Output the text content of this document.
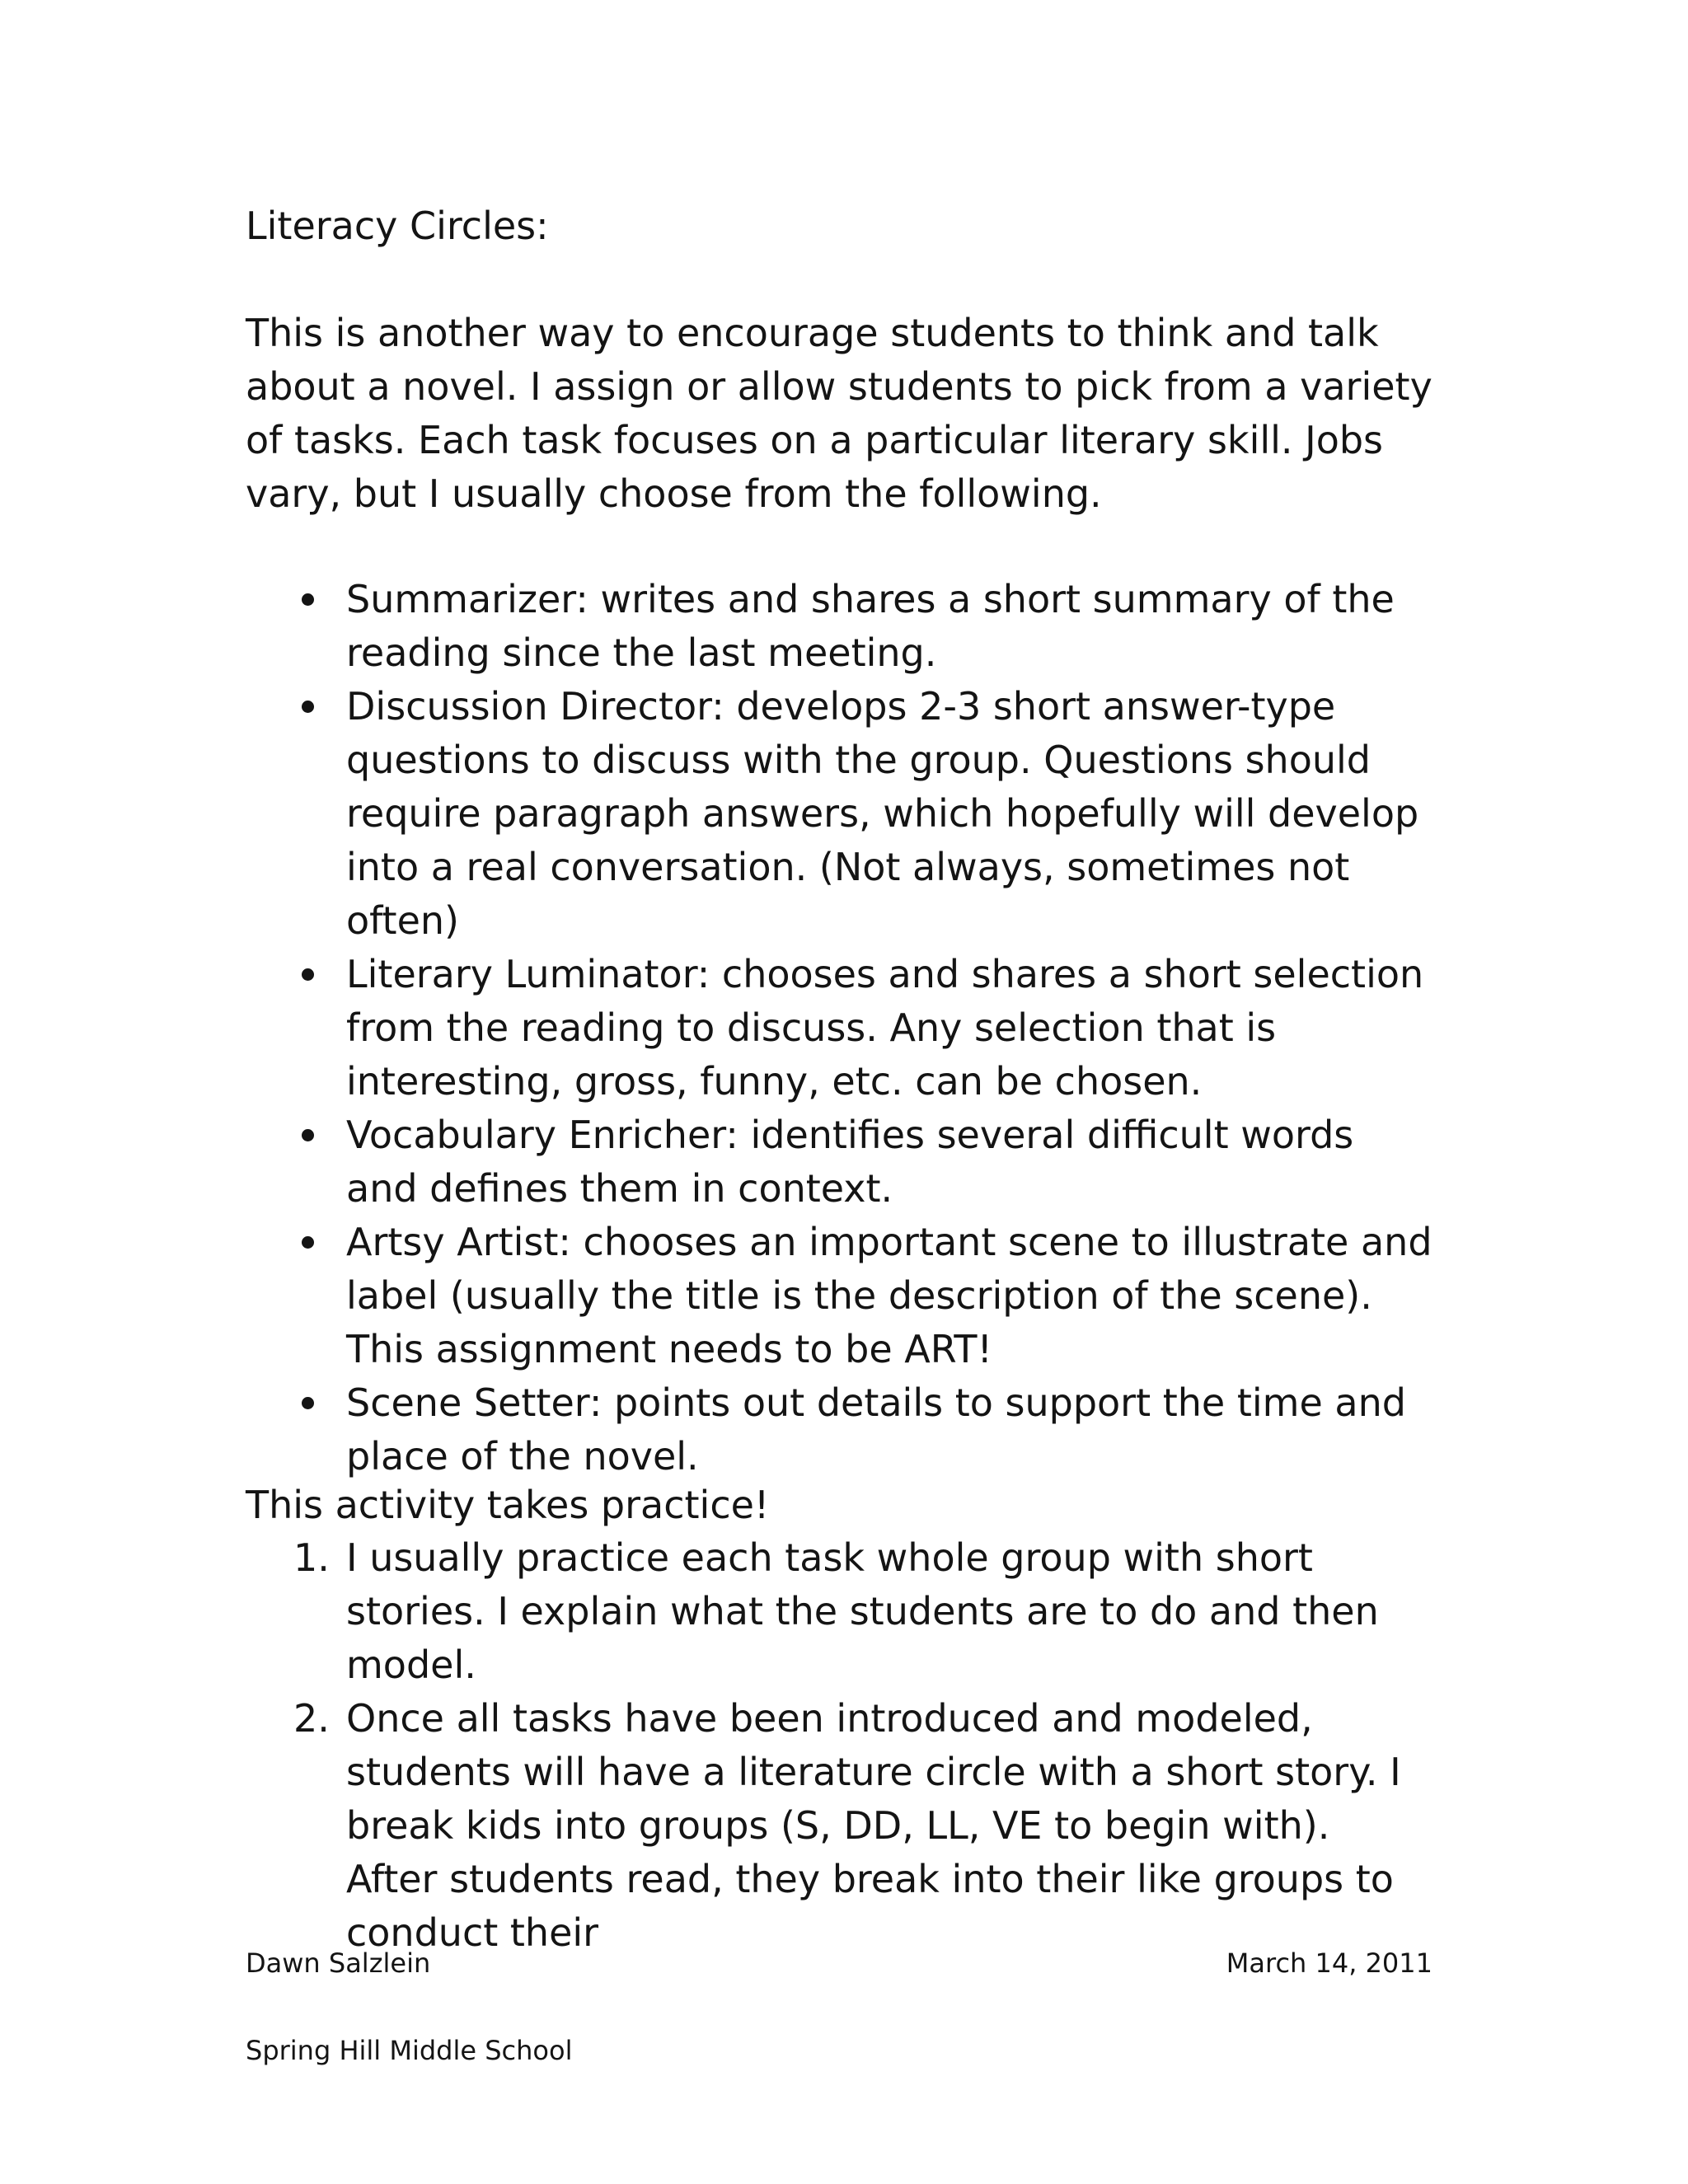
Literacy Circles:

This is another way to encourage students to think and talk about a novel. I assign or allow students to pick from a variety of tasks. Each task focuses on a particular literary skill. Jobs vary, but I usually choose from the following.

Summarizer: writes and shares a short summary of the reading since the last meeting.
Discussion Director: develops 2-3 short answer-type questions to discuss with the group. Questions should require paragraph answers, which hopefully will develop into a real conversation. (Not always, sometimes not often)
Literary Luminator: chooses and shares a short selection from the reading to discuss. Any selection that is interesting, gross, funny, etc. can be chosen.
Vocabulary Enricher: identifies several difficult words and defines them in context.
Artsy Artist: chooses an important scene to illustrate and label (usually the title is the description of the scene). This assignment needs to be ART!
Scene Setter: points out details to support the time and place of the novel.

This activity takes practice!

1. I usually practice each task whole group with short stories. I explain what the students are to do and then model.
2. Once all tasks have been introduced and modeled, students will have a literature circle with a short story. I break kids into groups (S, DD, LL, VE to begin with). After students read, they break into their like groups to conduct their
Dawn Salzlein	March 14, 2011
Spring Hill Middle School
